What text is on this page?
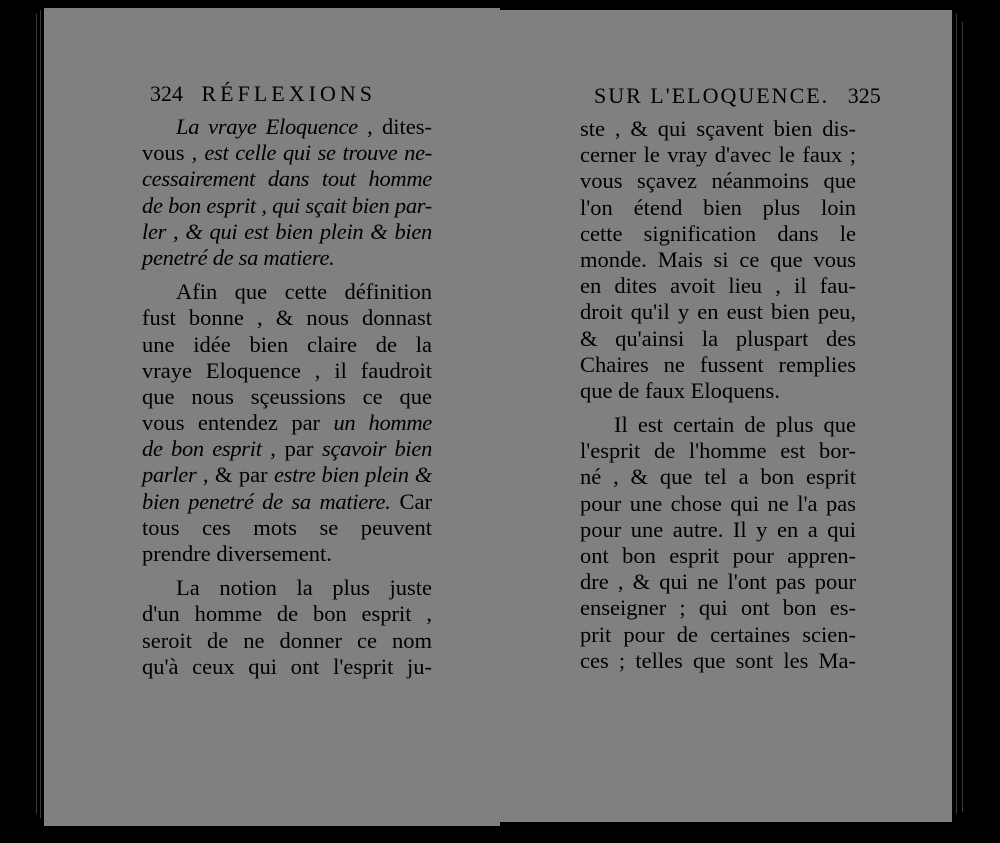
324 RÉFLEXIONS
La vraye Eloquence , dites-
vous , est celle qui se trouve ne-
cessairement dans tout homme
de bon esprit , qui sçait bien par-
ler , & qui est bien plein & bien
penetré de sa matiere.
Afin que cette définition
fust bonne , & nous donnast
une idée bien claire de la
vraye Eloquence , il faudroit
que nous sçeussions ce que
vous entendez par un homme
de bon esprit , par sçavoir bien
parler , & par estre bien plein &
bien penetré de sa matiere. Car
tous ces mots se peuvent
prendre diversement.
La notion la plus juste
d'un homme de bon esprit ,
seroit de ne donner ce nom
qu'à ceux qui ont l'esprit ju-
SUR L'ELOQUENCE. 325
ste , & qui sçavent bien dis-
cerner le vray d'avec le faux ;
vous sçavez néanmoins que
l'on étend bien plus loin
cette signification dans le
monde. Mais si ce que vous
en dites avoit lieu , il fau-
droit qu'il y en eust bien peu,
& qu'ainsi la pluspart des
Chaires ne fussent remplies
que de faux Eloquens.
Il est certain de plus que
l'esprit de l'homme est bor-
né , & que tel a bon esprit
pour une chose qui ne l'a pas
pour une autre. Il y en a qui
ont bon esprit pour appren-
dre , & qui ne l'ont pas pour
enseigner ; qui ont bon es-
prit pour de certaines scien-
ces ; telles que sont les Ma-
